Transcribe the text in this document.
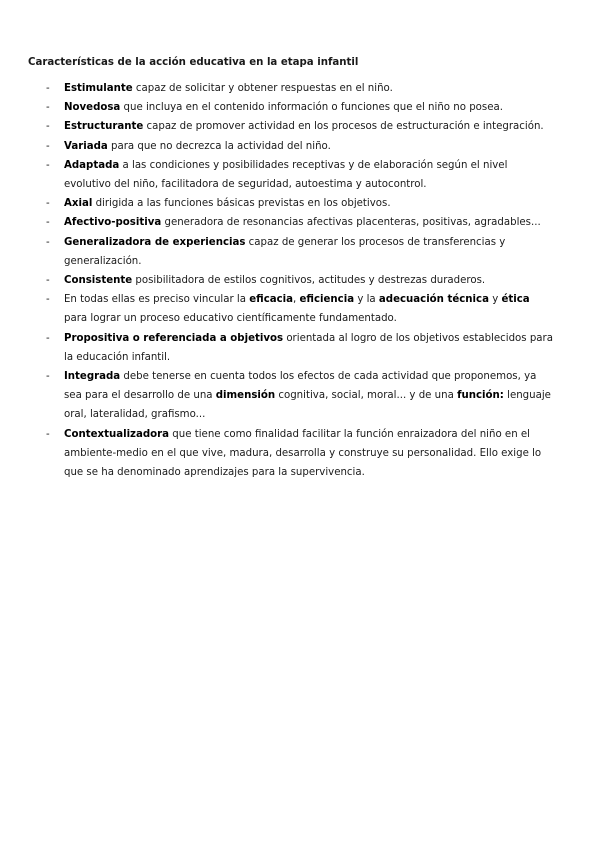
Características de la acción educativa en la etapa infantil
- Estimulante capaz de solicitar y obtener respuestas en el niño.
- Novedosa que incluya en el contenido información o funciones que el niño no posea.
- Estructurante capaz de promover actividad en los procesos de estructuración e integración.
- Variada para que no decrezca la actividad del niño.
- Adaptada a las condiciones y posibilidades receptivas y de elaboración según el nivel evolutivo del niño, facilitadora de seguridad, autoestima y autocontrol.
- Axial dirigida a las funciones básicas previstas en los objetivos.
- Afectivo-positiva generadora de resonancias afectivas placenteras, positivas, agradables...
- Generalizadora de experiencias capaz de generar los procesos de transferencias y generalización.
- Consistente posibilitadora de estilos cognitivos, actitudes y destrezas duraderos.
- En todas ellas es preciso vincular la eficacia, eficiencia y la adecuación técnica y ética para lograr un proceso educativo científicamente fundamentado.
- Propositiva o referenciada a objetivos orientada al logro de los objetivos establecidos para la educación infantil.
- Integrada debe tenerse en cuenta todos los efectos de cada actividad que proponemos, ya sea para el desarrollo de una dimensión cognitiva, social, moral... y de una función: lenguaje oral, lateralidad, grafismo...
- Contextualizadora que tiene como finalidad facilitar la función enraizadora del niño en el ambiente-medio en el que vive, madura, desarrolla y construye su personalidad. Ello exige lo que se ha denominado aprendizajes para la supervivencia.
